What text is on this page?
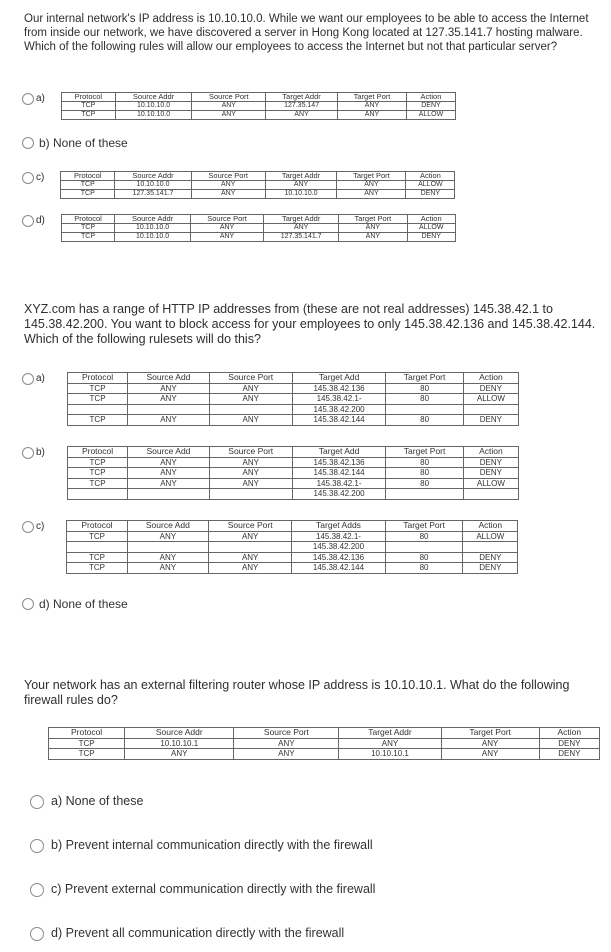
Our internal network's IP address is 10.10.10.0. While we want our employees to be able to access the Internet from inside our network, we have discovered a server in Hong Kong located at 127.35.141.7 hosting malware. Which of the following rules will allow our employees to access the Internet but not that particular server?
a)	Protocol	Source Addr	Source Port	Target Addr	Target Port	Action
TCP	10.10.10.0	ANY	127.35.147	ANY	DENY
TCP	10.10.10.0	ANY	ANY	ANY	ALLOW
b) None of these
c)	Protocol	Source Addr	Source Port	Target Addr	Target Port	Action
TCP	10.10.10.0	ANY	ANY	ANY	ALLOW
TCP	127.35.141.7	ANY	10.10.10.0	ANY	DENY
d)	Protocol	Source Addr	Source Port	Target Addr	Target Port	Action
TCP	10.10.10.0	ANY	ANY	ANY	ALLOW
TCP	10.10.10.0	ANY	127.35.141.7	ANY	DENY
XYZ.com has a range of HTTP IP addresses from (these are not real addresses) 145.38.42.1 to 145.38.42.200. You want to block access for your employees to only 145.38.42.136 and 145.38.42.144. Which of the following rulesets will do this?
a)	Protocol	Source Add	Source Port	Target Add	Target Port	Action
TCP	ANY	ANY	145.38.42.136	80	DENY
TCP	ANY	ANY	145.38.42.1-	80	ALLOW
			145.38.42.200		
TCP	ANY	ANY	145.38.42.144	80	DENY
b)	Protocol	Source Add	Source Port	Target Add	Target Port	Action
TCP	ANY	ANY	145.38.42.136	80	DENY
TCP	ANY	ANY	145.38.42.144	80	DENY
TCP	ANY	ANY	145.38.42.1-	80	ALLOW
			145.38.42.200		
c)	Protocol	Source Add	Source Port	Target Adds	Target Port	Action
TCP	ANY	ANY	145.38.42.1-	80	ALLOW
			145.38.42.200		
TCP	ANY	ANY	145.38.42.136	80	DENY
TCP	ANY	ANY	145.38.42.144	80	DENY
d) None of these
Your network has an external filtering router whose IP address is 10.10.10.1. What do the following firewall rules do?
Protocol	Source Addr	Source Port	Target Addr	Target Port	Action
TCP	10.10.10.1	ANY	ANY	ANY	DENY
TCP	ANY	ANY	10.10.10.1	ANY	DENY
a) None of these
b) Prevent internal communication directly with the firewall
c) Prevent external communication directly with the firewall
d) Prevent all communication directly with the firewall
